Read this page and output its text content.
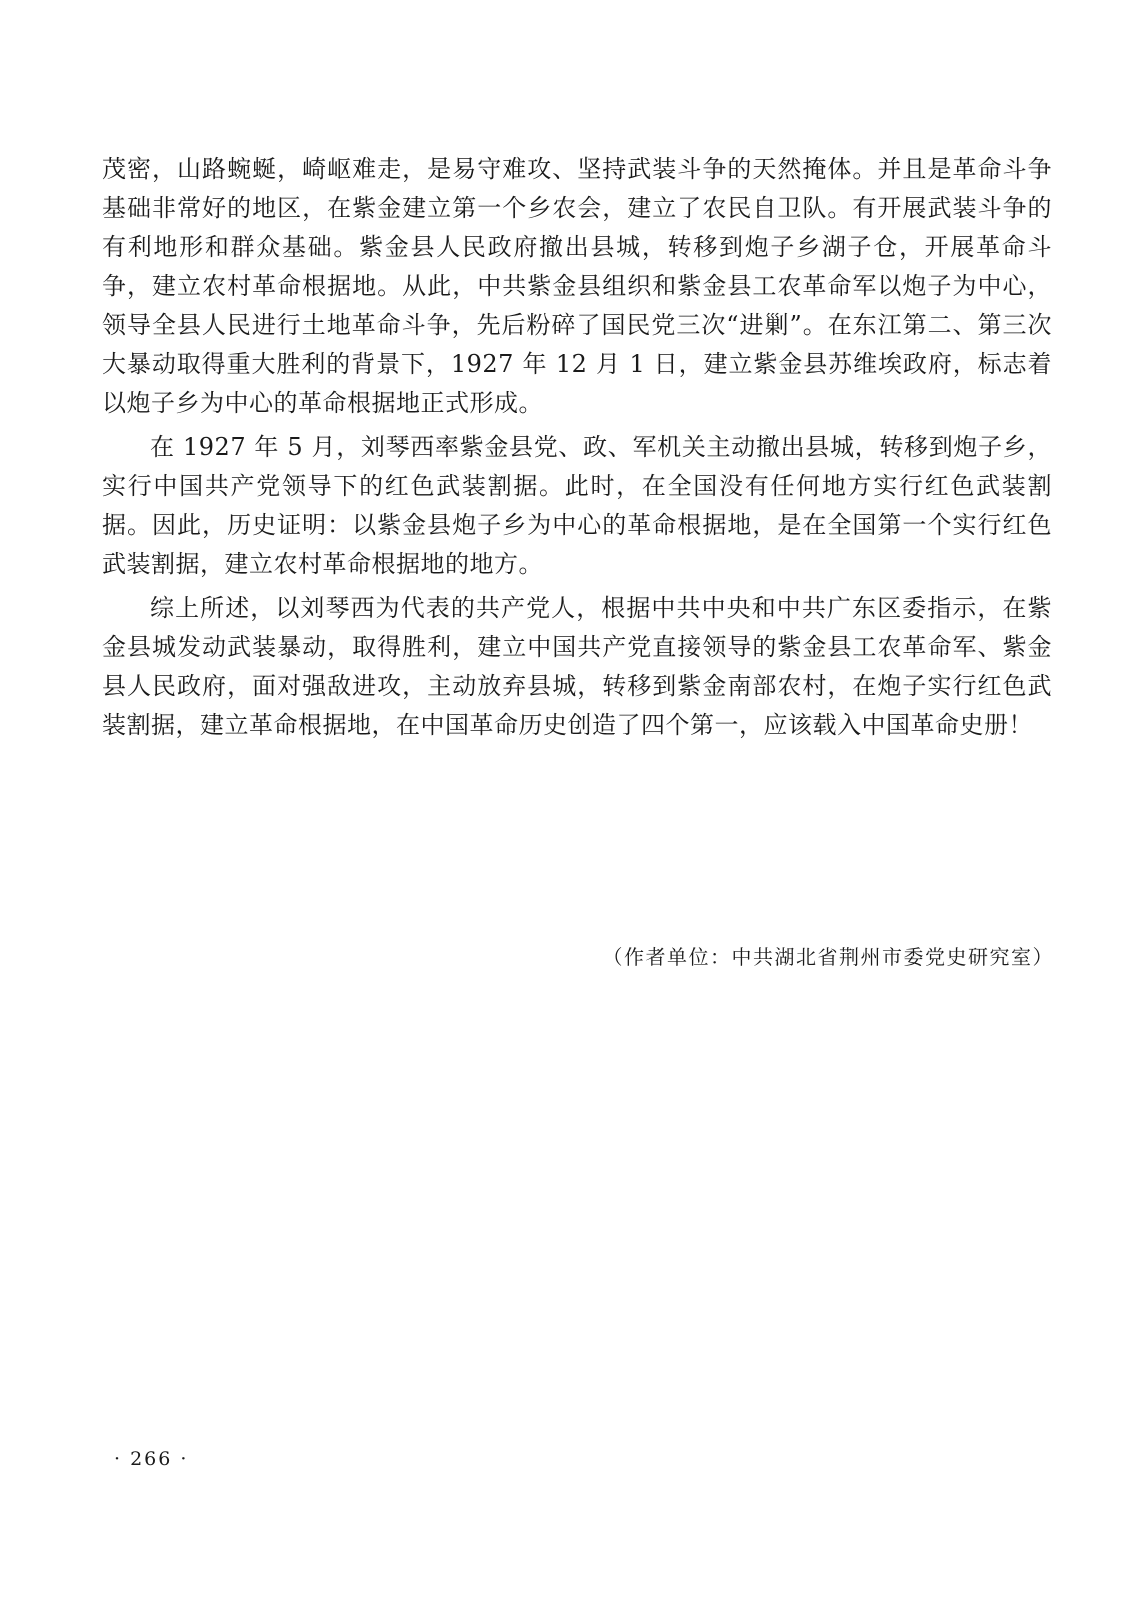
茂密，山路蜿蜒，崎岖难走，是易守难攻、坚持武装斗争的天然掩体。并且是革命斗争基础非常好的地区，在紫金建立第一个乡农会，建立了农民自卫队。有开展武装斗争的有利地形和群众基础。紫金县人民政府撤出县城，转移到炮子乡湖子仓，开展革命斗争，建立农村革命根据地。从此，中共紫金县组织和紫金县工农革命军以炮子为中心，领导全县人民进行土地革命斗争，先后粉碎了国民党三次“进剿”。在东江第二、第三次大暴动取得重大胜利的背景下，1927 年 12 月 1 日，建立紫金县苏维埃政府，标志着以炮子乡为中心的革命根据地正式形成。

在 1927 年 5 月，刘琴西率紫金县党、政、军机关主动撤出县城，转移到炮子乡，实行中国共产党领导下的红色武装割据。此时，在全国没有任何地方实行红色武装割据。因此，历史证明：以紫金县炮子乡为中心的革命根据地，是在全国第一个实行红色武装割据，建立农村革命根据地的地方。

综上所述，以刘琴西为代表的共产党人，根据中共中央和中共广东区委指示，在紫金县城发动武装暴动，取得胜利，建立中国共产党直接领导的紫金县工农革命军、紫金县人民政府，面对强敌进攻，主动放弃县城，转移到紫金南部农村，在炮子实行红色武装割据，建立革命根据地，在中国革命历史创造了四个第一，应该载入中国革命史册！

（作者单位：中共湖北省荆州市委党史研究室）
· 266 ·
